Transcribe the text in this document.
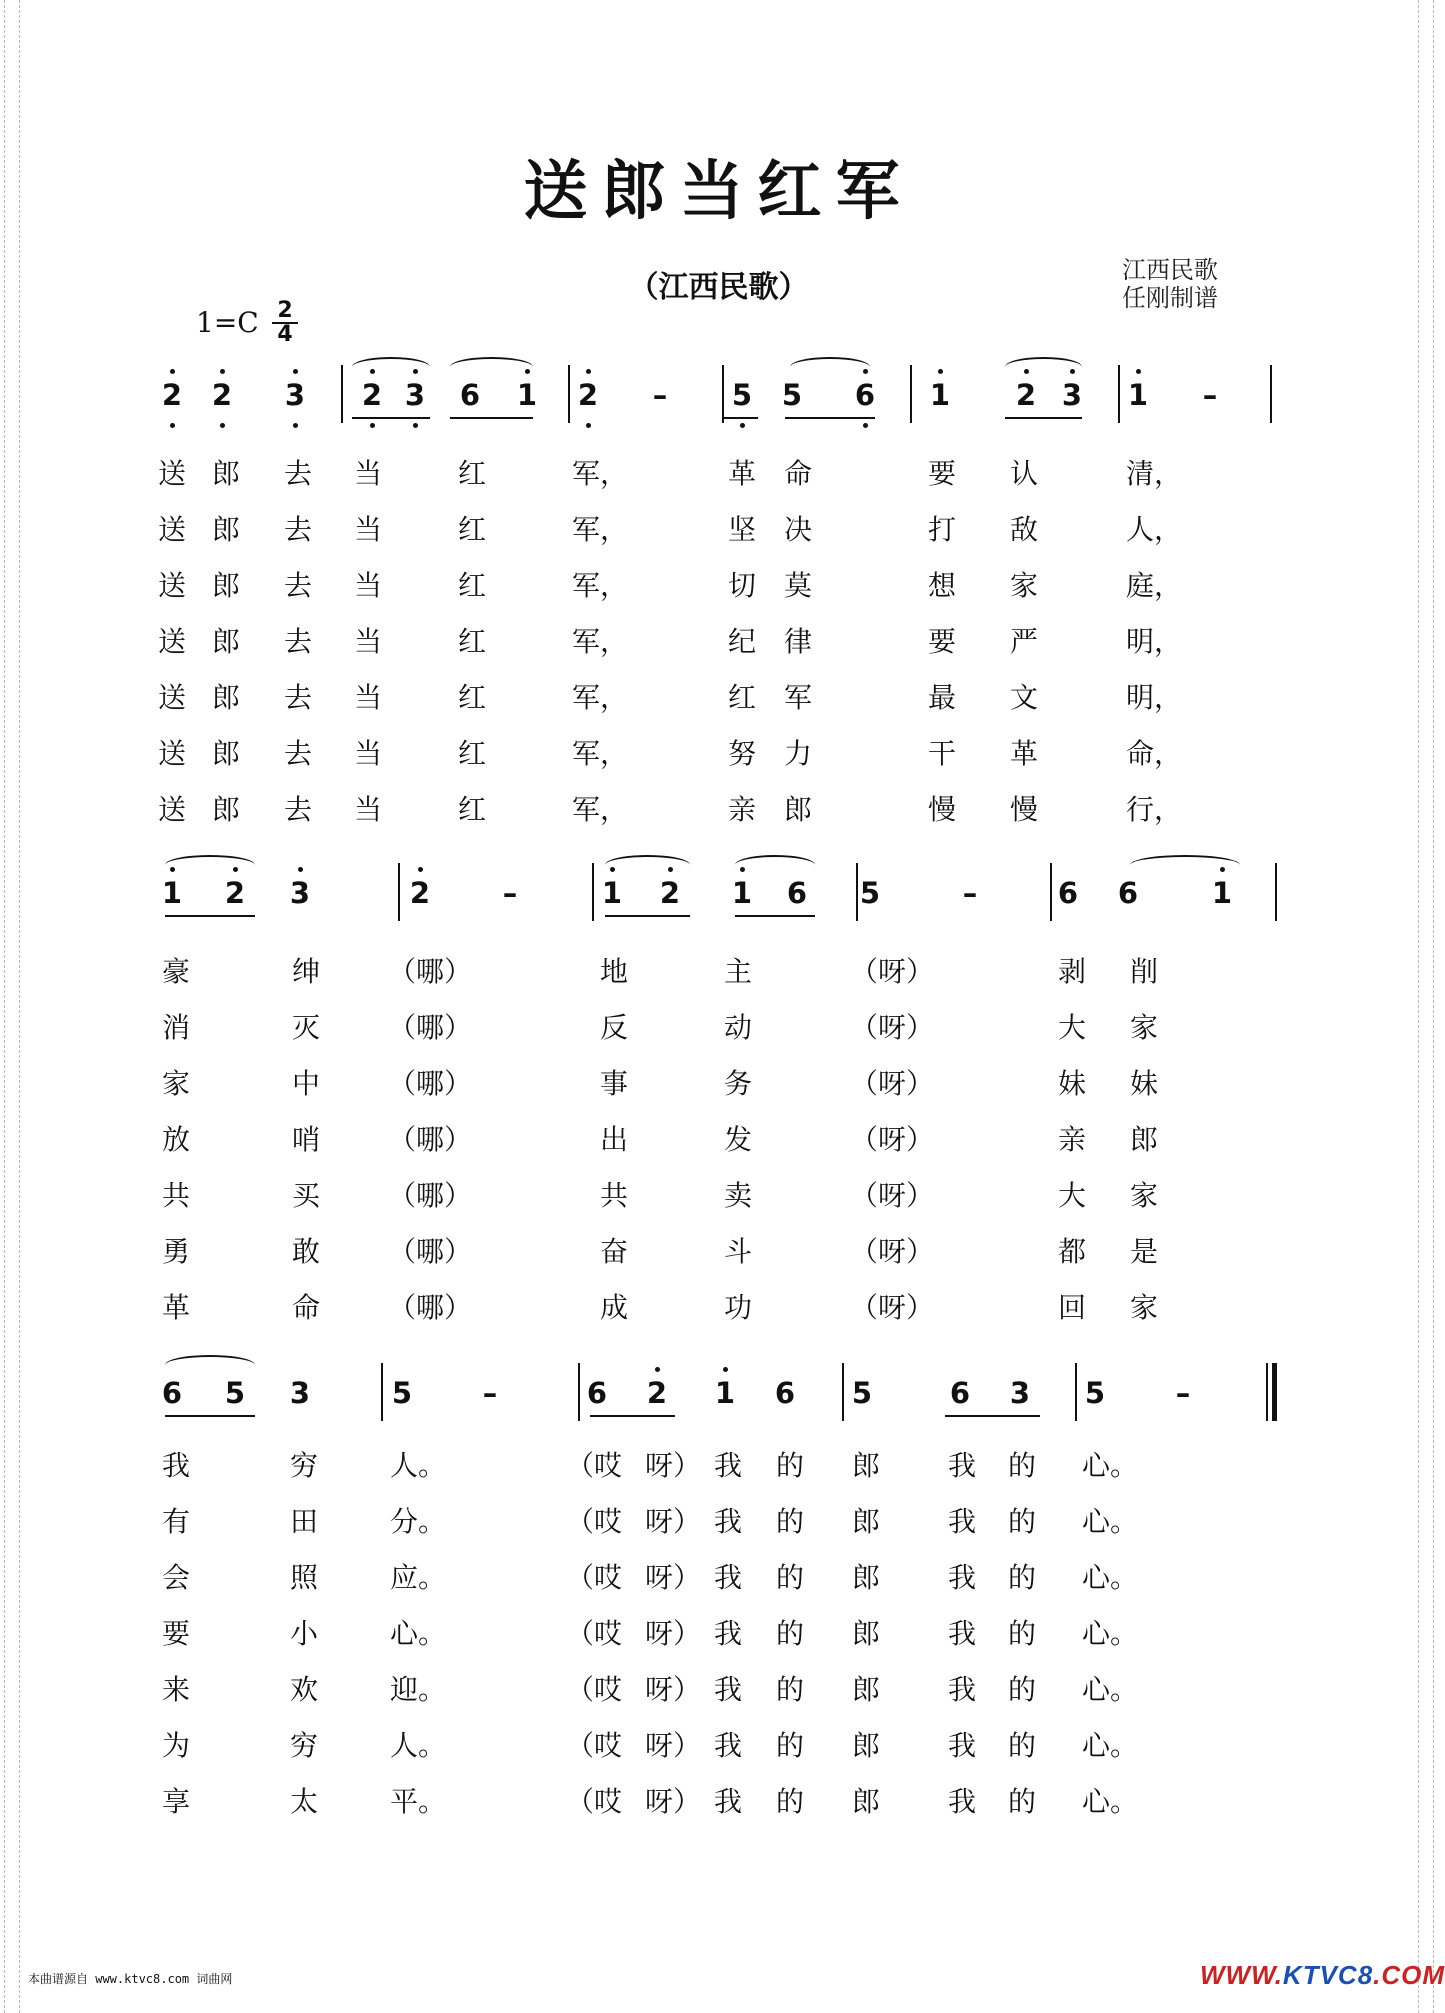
送郎当红军
（江西民歌）	江西民歌
任刚制谱
1=C 2
4
2 2 3 2 3 6 1 2	–	5 5 6 1 2 3 1	–
送 郎	去	当	红	军，	革 命	要	认	清，
送 郎	去	当	红	军，	坚 决	打	敌	人，
送 郎	去	当	红	军，	切 莫	想	家	庭，
送 郎	去	当	红	军，	纪 律	要	严	明，
送 郎	去	当	红	军，	红 军	最	文	明，
送 郎	去	当	红	军，	努 力	干	革	命，
送 郎	去	当	红	军，	亲 郎	慢	慢	行，
1 2 3	2	–	1 2 1 6 5	–	6 6	1
豪	绅	（哪）	地	主	（呀）	剥	削
消	灭	（哪）	反	动	（呀）	大	家
家	中	（哪）	事	务	（呀）	妹	妹
放	哨	（哪）	出	发	（呀）	亲	郎
共	买	（哪）	共	卖	（呀）	大	家
勇	敢	（哪）	奋	斗	（呀）	都	是
革	命	（哪）	成	功	（呀）	回	家
6 5 3	5	–	6 2 1 6 5	6 3 5	–
我	穷	人。	（哎 呀） 我	的	郎	我	的	心。
有	田	分。	（哎 呀） 我	的	郎	我	的	心。
会	照	应。	（哎 呀） 我	的	郎	我	的	心。
要	小	心。	（哎 呀） 我	的	郎	我	的	心。
来	欢	迎。	（哎 呀） 我	的	郎	我	的	心。
为	穷	人。	（哎 呀） 我	的	郎	我	的	心。
享	太	平。	（哎 呀） 我	的	郎	我	的	心。
本曲谱源自 www.ktvc8.com 词曲网	WWW.KTVC8.COM
